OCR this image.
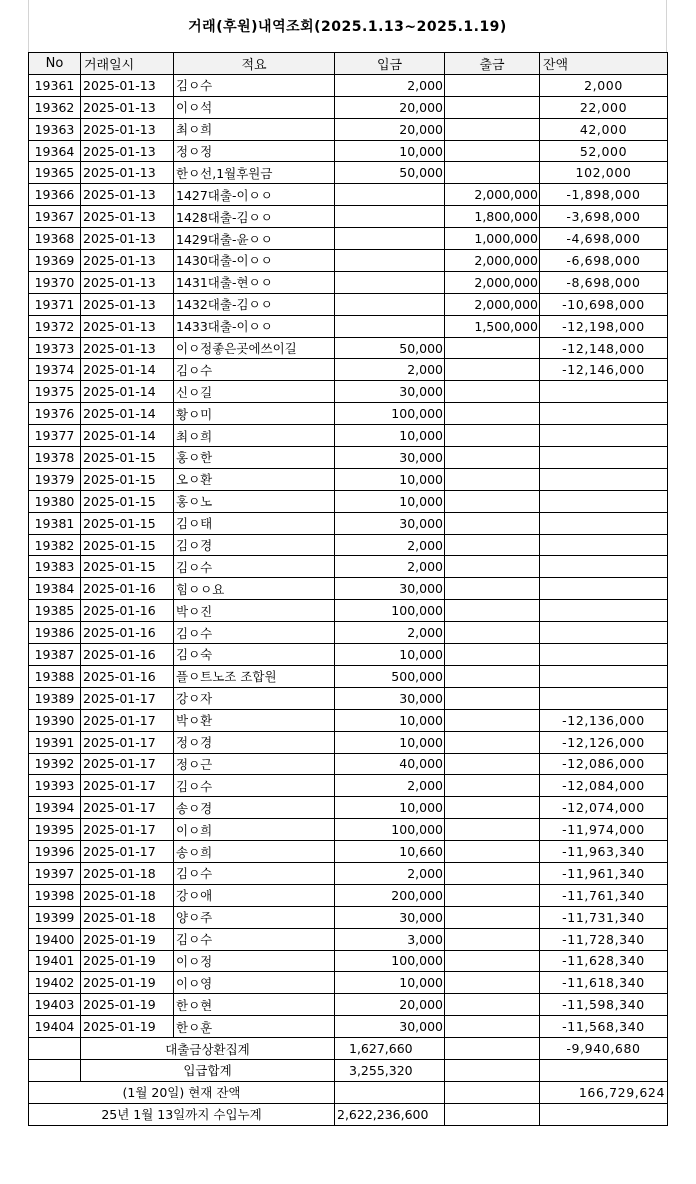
거래(후원)내역조회(2025.1.13~2025.1.19)
No	거래일시	적요	입금	출금	잔액
19361	2025-01-13	김ㅇ수	2,000		2,000
19362	2025-01-13	이ㅇ석	20,000		22,000
19363	2025-01-13	최ㅇ희	20,000		42,000
19364	2025-01-13	정ㅇ정	10,000		52,000
19365	2025-01-13	한ㅇ선,1월후원금	50,000		102,000
19366	2025-01-13	1427대출-이ㅇㅇ		2,000,000	-1,898,000
19367	2025-01-13	1428대출-김ㅇㅇ		1,800,000	-3,698,000
19368	2025-01-13	1429대출-윤ㅇㅇ		1,000,000	-4,698,000
19369	2025-01-13	1430대출-이ㅇㅇ		2,000,000	-6,698,000
19370	2025-01-13	1431대출-현ㅇㅇ		2,000,000	-8,698,000
19371	2025-01-13	1432대출-김ㅇㅇ		2,000,000	-10,698,000
19372	2025-01-13	1433대출-이ㅇㅇ		1,500,000	-12,198,000
19373	2025-01-13	이ㅇ정좋은곳에쓰이길	50,000		-12,148,000
19374	2025-01-14	김ㅇ수	2,000		-12,146,000
19375	2025-01-14	신ㅇ길	30,000		
19376	2025-01-14	황ㅇ미	100,000		
19377	2025-01-14	최ㅇ희	10,000		
19378	2025-01-15	홍ㅇ한	30,000		
19379	2025-01-15	오ㅇ환	10,000		
19380	2025-01-15	홍ㅇ노	10,000		
19381	2025-01-15	김ㅇ태	30,000		
19382	2025-01-15	김ㅇ경	2,000		
19383	2025-01-15	김ㅇ수	2,000		
19384	2025-01-16	힘ㅇㅇ요	30,000		
19385	2025-01-16	박ㅇ진	100,000		
19386	2025-01-16	김ㅇ수	2,000		
19387	2025-01-16	김ㅇ숙	10,000		
19388	2025-01-16	플ㅇ트노조 조합원	500,000		
19389	2025-01-17	강ㅇ자	30,000		
19390	2025-01-17	박ㅇ환	10,000		-12,136,000
19391	2025-01-17	정ㅇ경	10,000		-12,126,000
19392	2025-01-17	정ㅇ근	40,000		-12,086,000
19393	2025-01-17	김ㅇ수	2,000		-12,084,000
19394	2025-01-17	송ㅇ경	10,000		-12,074,000
19395	2025-01-17	이ㅇ희	100,000		-11,974,000
19396	2025-01-17	송ㅇ희	10,660		-11,963,340
19397	2025-01-18	김ㅇ수	2,000		-11,961,340
19398	2025-01-18	강ㅇ애	200,000		-11,761,340
19399	2025-01-18	양ㅇ주	30,000		-11,731,340
19400	2025-01-19	김ㅇ수	3,000		-11,728,340
19401	2025-01-19	이ㅇ정	100,000		-11,628,340
19402	2025-01-19	이ㅇ영	10,000		-11,618,340
19403	2025-01-19	한ㅇ현	20,000		-11,598,340
19404	2025-01-19	한ㅇ훈	30,000		-11,568,340
	대출금상환집계		1,627,660		-9,940,680
	입급합계		3,255,320		
(1월 20일) 현재 잔액					166,729,624
25년 1월 13일까지 수입누계			2,622,236,600		
